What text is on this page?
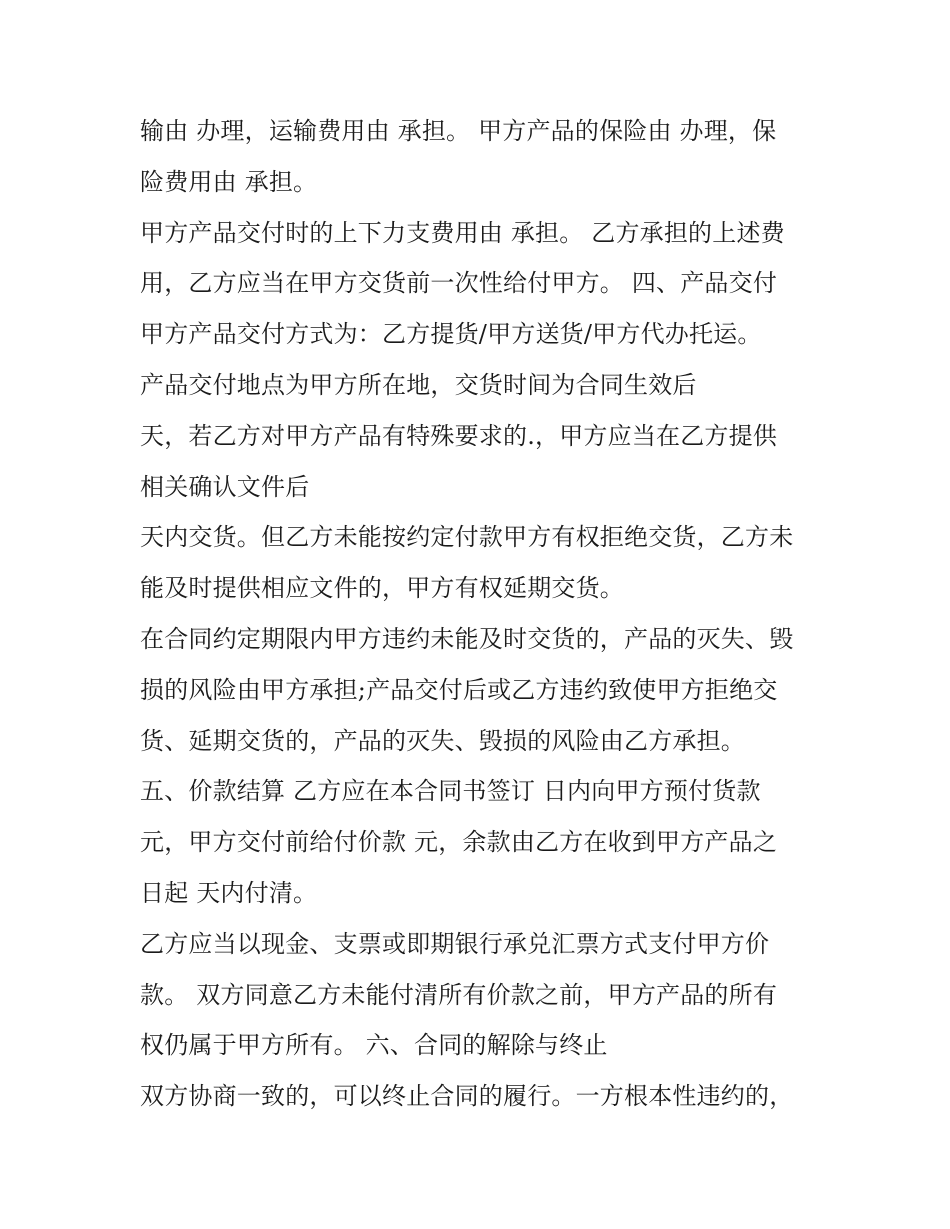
输由 办理，运输费用由 承担。 甲方产品的保险由 办理，保
险费用由 承担。
甲方产品交付时的上下力支费用由 承担。 乙方承担的上述费
用，乙方应当在甲方交货前一次性给付甲方。 四、产品交付
甲方产品交付方式为：乙方提货/甲方送货/甲方代办托运。
产品交付地点为甲方所在地，交货时间为合同生效后
天，若乙方对甲方产品有特殊要求的.，甲方应当在乙方提供
相关确认文件后
天内交货。但乙方未能按约定付款甲方有权拒绝交货，乙方未
能及时提供相应文件的，甲方有权延期交货。
在合同约定期限内甲方违约未能及时交货的，产品的灭失、毁
损的风险由甲方承担;产品交付后或乙方违约致使甲方拒绝交
货、延期交货的，产品的灭失、毁损的风险由乙方承担。
五、价款结算 乙方应在本合同书签订 日内向甲方预付货款
元，甲方交付前给付价款 元，余款由乙方在收到甲方产品之
日起 天内付清。
乙方应当以现金、支票或即期银行承兑汇票方式支付甲方价
款。 双方同意乙方未能付清所有价款之前，甲方产品的所有
权仍属于甲方所有。 六、合同的解除与终止
双方协商一致的，可以终止合同的履行。一方根本性违约的，
